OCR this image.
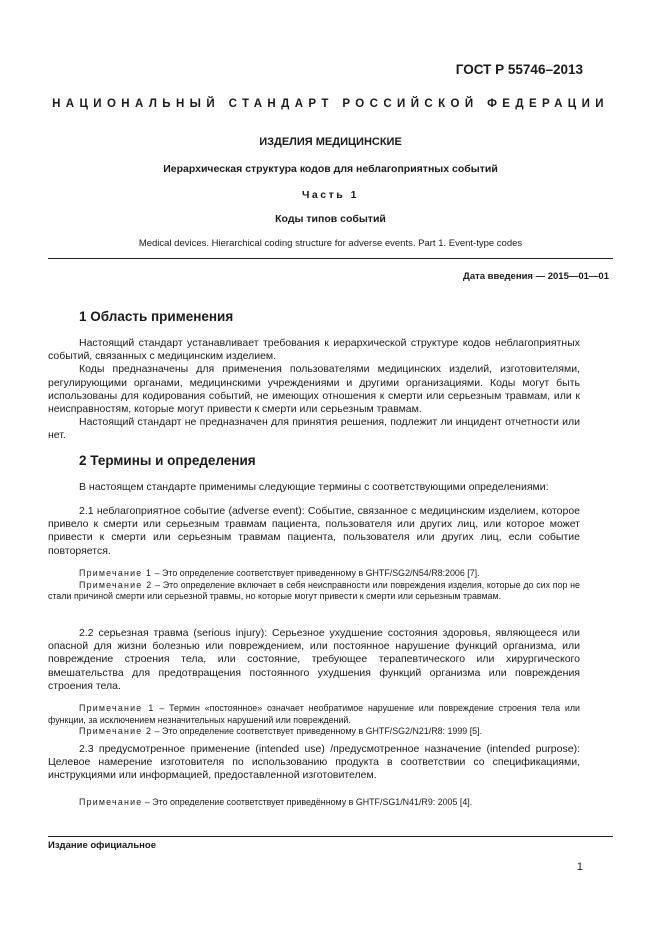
ГОСТ Р 55746–2013
НАЦИОНАЛЬНЫЙ СТАНДАРТ РОССИЙСКОЙ ФЕДЕРАЦИИ
ИЗДЕЛИЯ МЕДИЦИНСКИЕ
Иерархическая структура кодов для неблагоприятных событий
Часть 1
Коды типов событий
Medical devices. Hierarchical coding structure for adverse events. Part 1. Event-type codes
Дата введения — 2015—01—01
1 Область применения

Настоящий стандарт устанавливает требования к иерархической структуре кодов неблагоприятных событий, связанных с медицинским изделием.

Коды предназначены для применения пользователями медицинских изделий, изготовителями, регулирующими органами, медицинскими учреждениями и другими организациями. Коды могут быть использованы для кодирования событий, не имеющих отношения к смерти или серьезным травмам, или к неисправностям, которые могут привести к смерти или серьезным травмам.

Настоящий стандарт не предназначен для принятия решения, подлежит ли инцидент отчетности или нет.

2 Термины и определения

В настоящем стандарте применимы следующие термины с соответствующими определениями:

2.1 неблагоприятное событие (adverse event): Событие, связанное с медицинским изделием, которое привело к смерти или серьезным травмам пациента, пользователя или других лиц, или которое может привести к смерти или серьезным травмам пациента, пользователя или других лиц, если событие повторяется.

Примечание 1 – Это определение соответствует приведенному в GHTF/SG2/N54/R8:2006 [7].

Примечание 2 – Это определение включает в себя неисправности или повреждения изделия, которые до сих пор не стали причиной смерти или серьезной травмы, но которые могут привести к смерти или серьезным травмам.

2.2 серьезная травма (serious injury): Серьезное ухудшение состояния здоровья, являющееся или опасной для жизни болезнью или повреждением, или постоянное нарушение функций организма, или повреждение строения тела, или состояние, требующее терапевтического или хирургического вмешательства для предотвращения постоянного ухудшения функций организма или повреждения строения тела.

Примечание 1 – Термин «постоянное» означает необратимое нарушение или повреждение строения тела или функции, за исключением незначительных нарушений или повреждений.

Примечание 2 – Это определение соответствует приведенному в GHTF/SG2/N21/R8: 1999 [5].

2.3 предусмотренное применение (intended use) /предусмотренное назначение (intended purpose): Целевое намерение изготовителя по использованию продукта в соответствии со спецификациями, инструкциями или информацией, предоставленной изготовителем.

Примечание – Это определение соответствует приведённому в GHTF/SG1/N41/R9: 2005 [4].

Издание официальное
1
